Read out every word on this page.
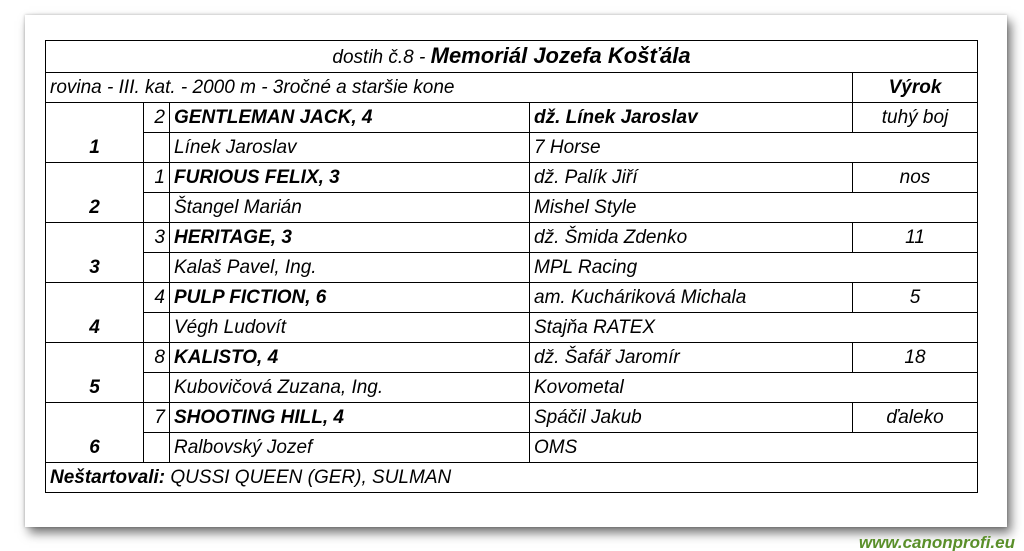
dostih č.8 - Memoriál Jozefa Košťála				
rovina - III. kat. - 2000 m - 3ročné a staršie kone				Výrok
1	2	GENTLEMAN JACK, 4	dž. Línek Jaroslav	tuhý boj
		Línek Jaroslav	7 Horse	
2	1	FURIOUS FELIX, 3	dž. Palík Jiří	nos
		Štangel Marián	Mishel Style	
3	3	HERITAGE, 3	dž. Šmida Zdenko	11
		Kalaš Pavel, Ing.	MPL Racing	
4	4	PULP FICTION, 6	am. Kucháriková Michala	5
		Végh Ludovít	Stajňa RATEX	
5	8	KALISTO, 4	dž. Šafář Jaromír	18
		Kubovičová Zuzana, Ing.	Kovometal	
6	7	SHOOTING HILL, 4	Spáčil Jakub	ďaleko
		Ralbovský Jozef	OMS	
Neštartovali: QUSSI QUEEN (GER), SULMAN				
www.canonprofi.eu
